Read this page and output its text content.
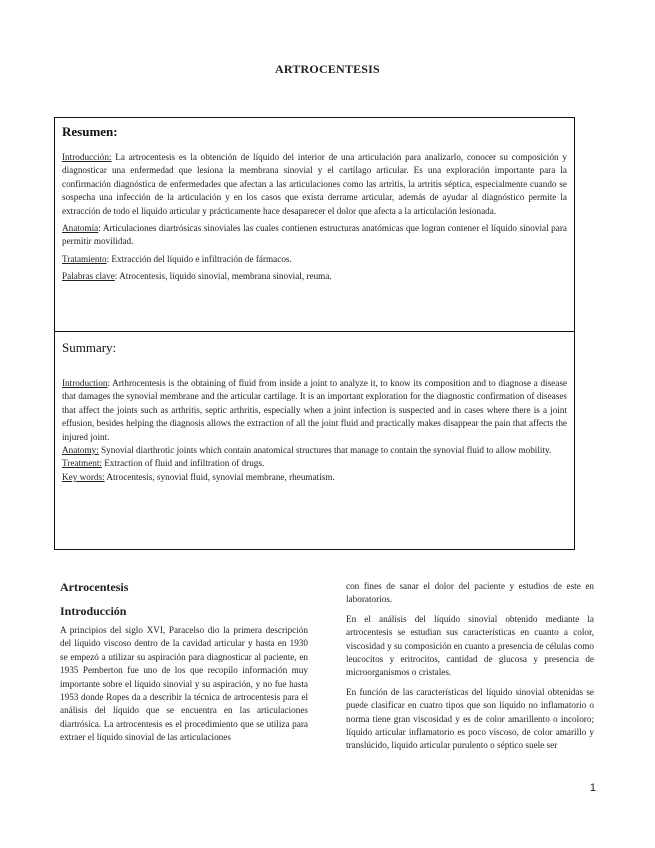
ARTROCENTESIS
Resumen:

Introducción: La artrocentesis es la obtención de líquido del interior de una articulación para analizarlo, conocer su composición y diagnosticar una enfermedad que lesiona la membrana sinovial y el cartílago articular. Es una exploración importante para la confirmación diagnóstica de enfermedades que afectan a las articulaciones como las artritis, la artritis séptica, especialmente cuando se sospecha una infección de la articulación y en los casos que exista derrame articular, además de ayudar al diagnóstico permite la extracción de todo el líquido articular y prácticamente hace desaparecer el dolor que afecta a la articulación lesionada.

Anatomía: Articulaciones diartrósicas sinoviales las cuales contienen estructuras anatómicas que logran contener el líquido sinovial para permitir movilidad.

Tratamiento: Extracción del líquido e infiltración de fármacos.

Palabras clave: Atrocentesis, líquido sinovial, membrana sinovial, reuma.

Summary:

Introduction: Arthrocentesis is the obtaining of fluid from inside a joint to analyze it, to know its composition and to diagnose a disease that damages the synovial membrane and the articular cartilage. It is an important exploration for the diagnostic confirmation of diseases that affect the joints such as arthritis, septic arthritis, especially when a joint infection is suspected and in cases where there is a joint effusion, besides helping the diagnosis allows the extraction of all the joint fluid and practically makes disappear the pain that affects the injured joint.

Anatomy: Synovial diarthrotic joints which contain anatomical structures that manage to contain the synovial fluid to allow mobility.

Treatment: Extraction of fluid and infiltration of drugs.

Key words: Atrocentesis, synovial fluid, synovial membrane, rheumatism.

Artrocentesis
Introducción

A principios del siglo XVI, Paracelso dio la primera descripción del líquido viscoso dentro de la cavidad articular y hasta en 1930 se empezó a utilizar su aspiración para diagnosticar al paciente, en 1935 Pemberton fue uno de los que recopilo información muy importante sobre el líquido sinovial y su aspiración, y no fue hasta 1953 donde Ropes da a describir la técnica de artrocentesis para el análisis del líquido que se encuentra en las articulaciones diartrósica. La artrocentesis es el procedimiento que se utiliza para extraer el líquido sinovial de las articulaciones

con fines de sanar el dolor del paciente y estudios de este en laboratorios.

En el análisis del líquido sinovial obtenido mediante la artrocentesis se estudian sus características en cuanto a color, viscosidad y su composición en cuanto a presencia de células como leucocitos y eritrocitos, cantidad de glucosa y presencia de microorganismos o cristales.

En función de las características del líquido sinovial obtenidas se puede clasificar en cuatro tipos que son líquido no inflamatorio o norma tiene gran viscosidad y es de color amarillento o incoloro; líquido articular inflamatorio es poco viscoso, de color amarillo y translúcido, líquido articular purulento o séptico suele ser

1
